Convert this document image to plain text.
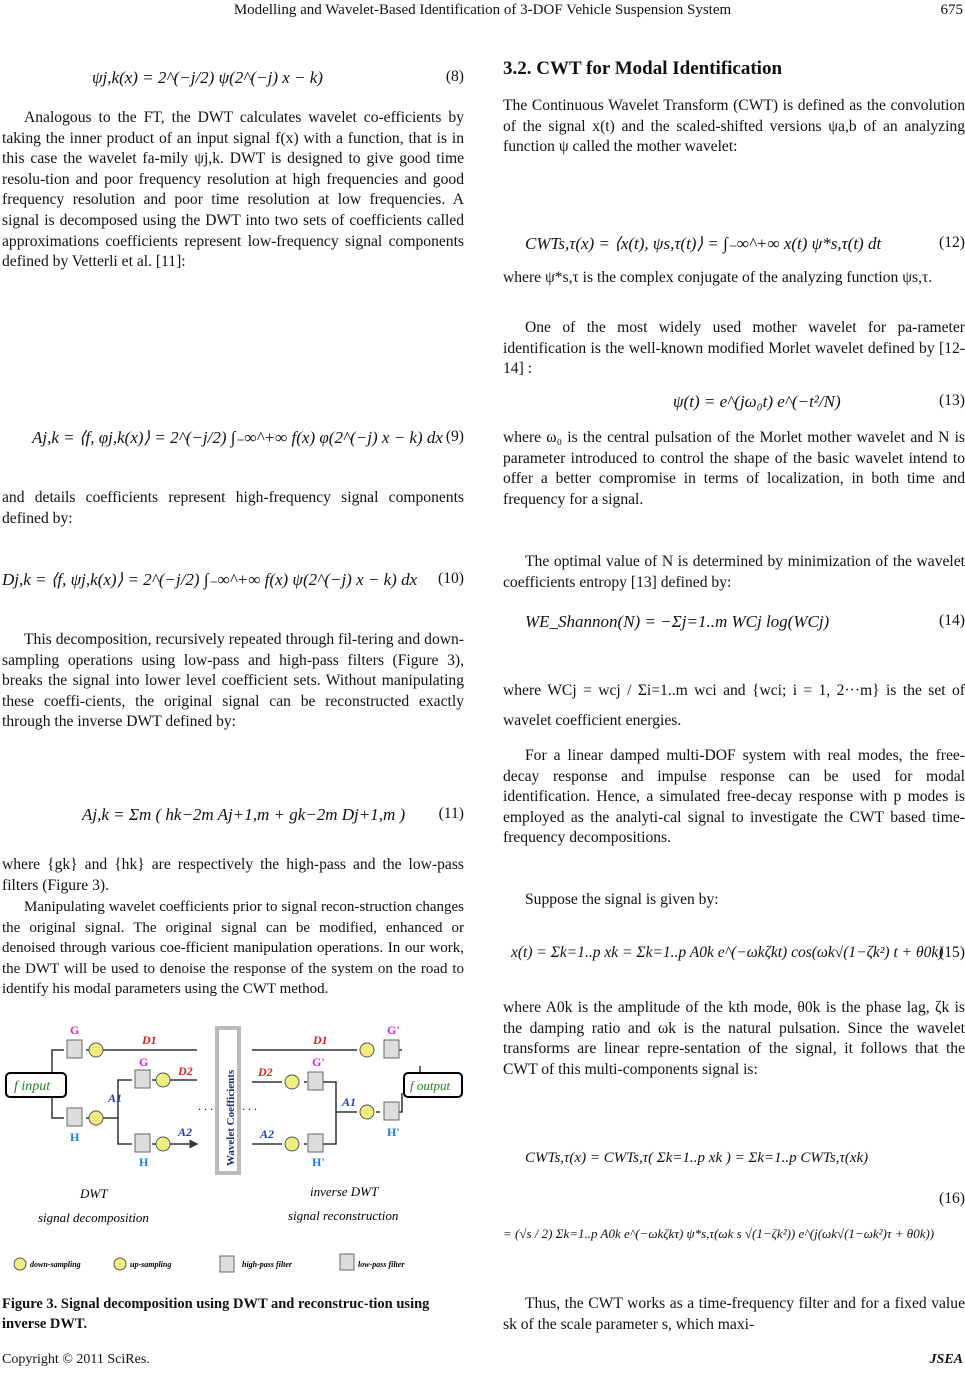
Modelling and Wavelet-Based Identification of 3-DOF Vehicle Suspension System	675
ψj,k(x) = 2^(−j/2) ψ(2^(−j) x − k)	(8)
Analogous to the FT, the DWT calculates wavelet co-efficients by taking the inner product of an input signal f(x) with a function, that is in this case the wavelet fa-mily ψj,k. DWT is designed to give good time resolu-tion and poor frequency resolution at high frequencies and good frequency resolution and poor time resolution at low frequencies. A signal is decomposed using the DWT into two sets of coefficients called approximations coefficients represent low-frequency signal components defined by Vetterli et al. [11]:
Aj,k = ⟨f, φj,k(x)⟩ = 2^(−j/2) ∫₋∞^+∞ f(x) φ(2^(−j) x − k) dx (9)
and details coefficients represent high-frequency signal components defined by:
Dj,k = ⟨f, ψj,k(x)⟩ = 2^(−j/2) ∫₋∞^+∞ f(x) ψ(2^(−j) x − k) dx (10)
This decomposition, recursively repeated through fil-tering and down-sampling operations using low-pass and high-pass filters (Figure 3), breaks the signal into lower level coefficient sets. Without manipulating these coeffi-cients, the original signal can be reconstructed exactly through the inverse DWT defined by:
Aj,k = Σm ( hk−2m Aj+1,m + gk−2m Dj+1,m ) (11)
where {gk} and {hk} are respectively the high-pass and the low-pass filters (Figure 3).
Manipulating wavelet coefficients prior to signal recon-struction changes the original signal. The original signal can be modified, enhanced or denoised through various coe-fficient manipulation operations. In our work, the DWT will be used to denoise the response of the system on the road to identify his modal parameters using the CWT method.
f input	f output
Wavelet Coefficients
G
H
G
H
G'
H'
G'
H'
D1
D2
A1
A2
D1
D2
A1
A2
. . . . . .
DWT
signal decomposition
inverse DWT
signal reconstruction
down-sampling	up-sampling	high-pass filter	low-pass filter
Figure 3. Signal decomposition using DWT and reconstruc-tion using inverse DWT.
3.2. CWT for Modal Identification
The Continuous Wavelet Transform (CWT) is defined as the convolution of the signal x(t) and the scaled-shifted versions ψa,b of an analyzing function ψ called the mother wavelet:
CWTs,τ(x) = ⟨x(t), ψs,τ(t)⟩ = ∫₋∞^+∞ x(t) ψ*s,τ(t) dt	(12)
where ψ*s,τ is the complex conjugate of the analyzing function ψs,τ.
One of the most widely used mother wavelet for pa-rameter identification is the well-known modified Morlet wavelet defined by [12-14] :
ψ(t) = e^(jω₀t) e^(−t²/N)	(13)
where ω₀ is the central pulsation of the Morlet mother wavelet and N is parameter introduced to control the shape of the basic wavelet intend to offer a better compromise in terms of localization, in both time and frequency for a signal.
The optimal value of N is determined by minimization of the wavelet coefficients entropy [13] defined by:
WE_Shannon(N) = −Σj=1..m WCj log(WCj)	(14)
where WCj = wcj / Σi=1..m wci and {wci; i = 1, 2···m} is the set of wavelet coefficient energies.
For a linear damped multi-DOF system with real modes, the free-decay response and impulse response can be used for modal identification. Hence, a simulated free-decay response with p modes is employed as the analyti-cal signal to investigate the CWT based time-frequency decompositions.
Suppose the signal is given by:
x(t) = Σk=1..p xk = Σk=1..p A0k e^(−ωkζkt) cos(ωk√(1−ζk²) t + θ0k)
(15)
where A0k is the amplitude of the kth mode, θ0k is the phase lag, ζk is the damping ratio and ωk is the natural pulsation. Since the wavelet transforms are linear repre-sentation of the signal, it follows that the CWT of this multi-components signal is:
CWTs,τ(x) = CWTs,τ( Σk=1..p xk ) = Σk=1..p CWTs,τ(xk)
(16)
= (√s / 2) Σk=1..p A0k e^(−ωkζkτ) ψ*s,τ(ωk s √(1−ζk²)) e^(j(ωk√(1−ωk²)τ + θ0k))
Thus, the CWT works as a time-frequency filter and for a fixed value sk of the scale parameter s, which maxi-
Copyright © 2011 SciRes.	JSEA
